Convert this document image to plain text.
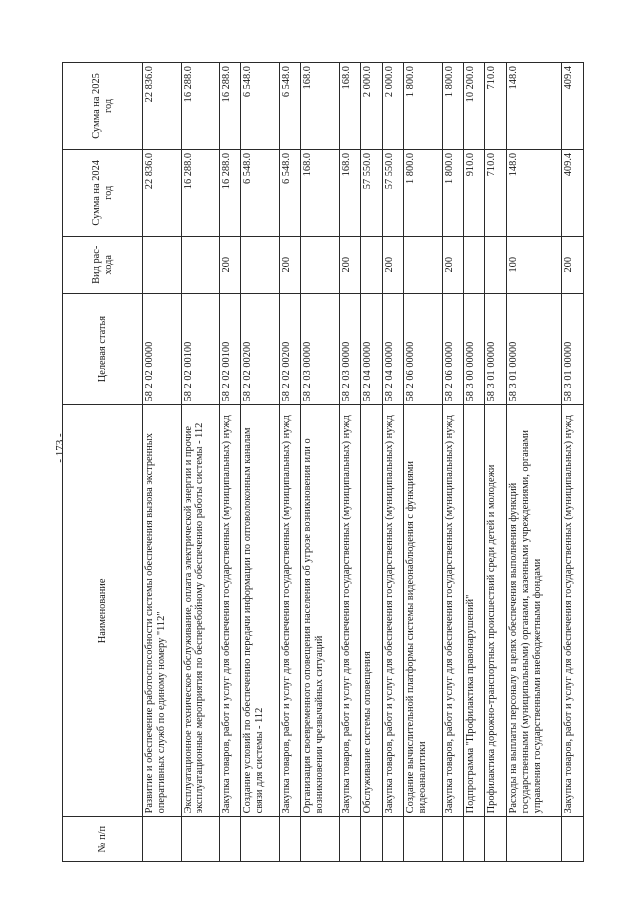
- 173 -
№ п/п	Наименование	Целевая статья	Вид рас-хода	Сумма на 2024 год	Сумма на 2025 год
	Развитие и обеспечение работоспособности системы обеспечения вызова экстренных оперативных служб по единому номеру "112"	58 2 02 00000		22 836.0	22 836.0
	Эксплуатационное техническое обслуживание, оплата электрической энергии и прочие эксплуатационные мероприятия по бесперебойному обеспечению работы системы - 112	58 2 02 00100		16 288.0	16 288.0
	Закупка товаров, работ и услуг для обеспечения государственных (муниципальных) нужд	58 2 02 00100	200	16 288.0	16 288.0
	Создание условий по обеспечению передачи информации по оптоволоконным каналам связи для системы - 112	58 2 02 00200		6 548.0	6 548.0
	Закупка товаров, работ и услуг для обеспечения государственных (муниципальных) нужд	58 2 02 00200	200	6 548.0	6 548.0
	Организация своевременного оповещения населения об угрозе возникновения или о возникновении чрезвычайных ситуаций	58 2 03 00000		168.0	168.0
	Закупка товаров, работ и услуг для обеспечения государственных (муниципальных) нужд	58 2 03 00000	200	168.0	168.0
	Обслуживание системы оповещения	58 2 04 00000		57 550.0	2 000.0
	Закупка товаров, работ и услуг для обеспечения государственных (муниципальных) нужд	58 2 04 00000	200	57 550.0	2 000.0
	Создание вычислительной платформы системы видеонаблюдения с функциями видеоаналитики	58 2 06 00000		1 800.0	1 800.0
	Закупка товаров, работ и услуг для обеспечения государственных (муниципальных) нужд	58 2 06 00000	200	1 800.0	1 800.0
	Подпрограмма "Профилактика правонарушений"	58 3 00 00000		910.0	10 200.0
	Профилактика дорожно-транспортных происшествий среди детей и молодежи	58 3 01 00000		710.0	710.0
	Расходы на выплаты персоналу в целях обеспечения выполнения функций государственными (муниципальными) органами, казенными учреждениями, органами управления государственными внебюджетными фондами	58 3 01 00000	100	148.0	148.0
	Закупка товаров, работ и услуг для обеспечения государственных (муниципальных) нужд	58 3 01 00000	200	409.4	409.4
